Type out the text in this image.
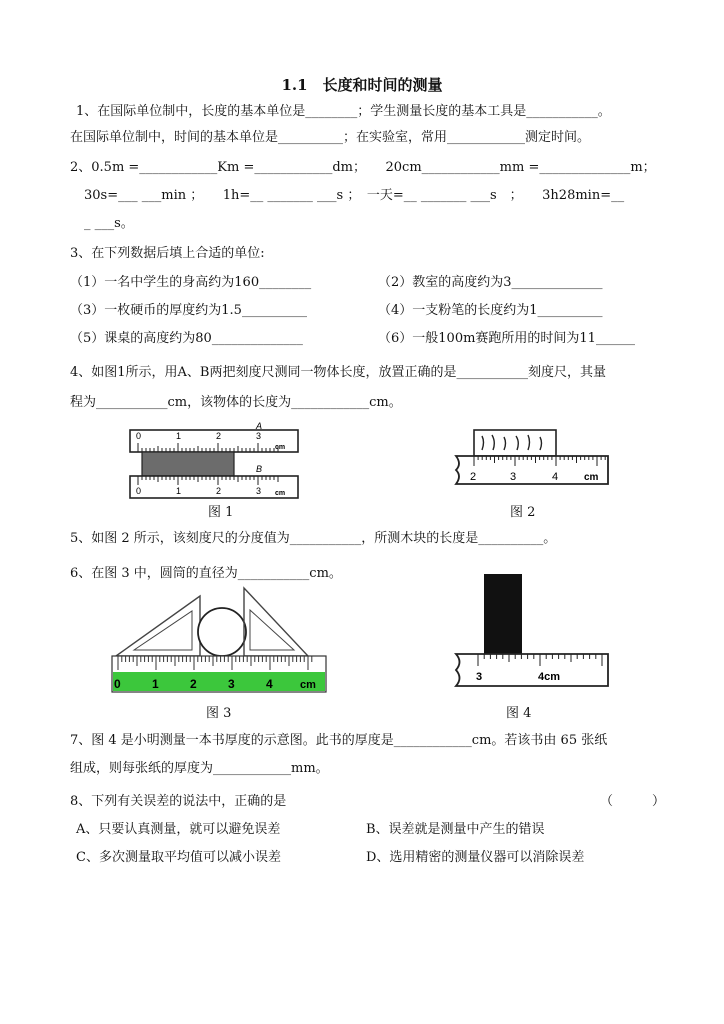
1.1　长度和时间的测量
1、在国际单位制中，长度的基本单位是________；学生测量长度的基本工具是___________。
在国际单位制中，时间的基本单位是__________；在实验室，常用____________测定时间。
2、0.5m =____________Km =____________dm；　　20cm____________mm =______________m；
30s=___ ___min ；　　1h=__ _______ ___s ；　一天=__ _______ ___s　；　　3h28min=__
_ ___s。
3、在下列数据后填上合适的单位:
（1）一名中学生的身高约为160________	（2）教室的高度约为3______________
（3）一枚硬币的厚度约为1.5__________	（4）一支粉笔的长度约为1__________
（5）课桌的高度约为80______________	（6）一般100m赛跑所用的时间为11______
4、如图1所示，用A、B两把刻度尺测同一物体长度，放置正确的是___________刻度尺，其量
程为___________cm，该物体的长度为____________cm。
0	1	2	3
cm
A
B
0	1	2	3 cm
图 1
2	3	4	cm
图 2
5、如图 2 所示，该刻度尺的分度值为___________，所测木块的长度是__________。
6、在图 3 中，圆筒的直径为___________cm。
0	1	2	3	4 cm
图 3
3	4cm
图 4
7、图 4 是小明测量一本书厚度的示意图。此书的厚度是____________cm。若该书由 65 张纸
组成，则每张纸的厚度为____________mm。
8、下列有关误差的说法中，正确的是	（　　　）
A、只要认真测量，就可以避免误差	B、误差就是测量中产生的错误
C、多次测量取平均值可以减小误差	D、选用精密的测量仪器可以消除误差
